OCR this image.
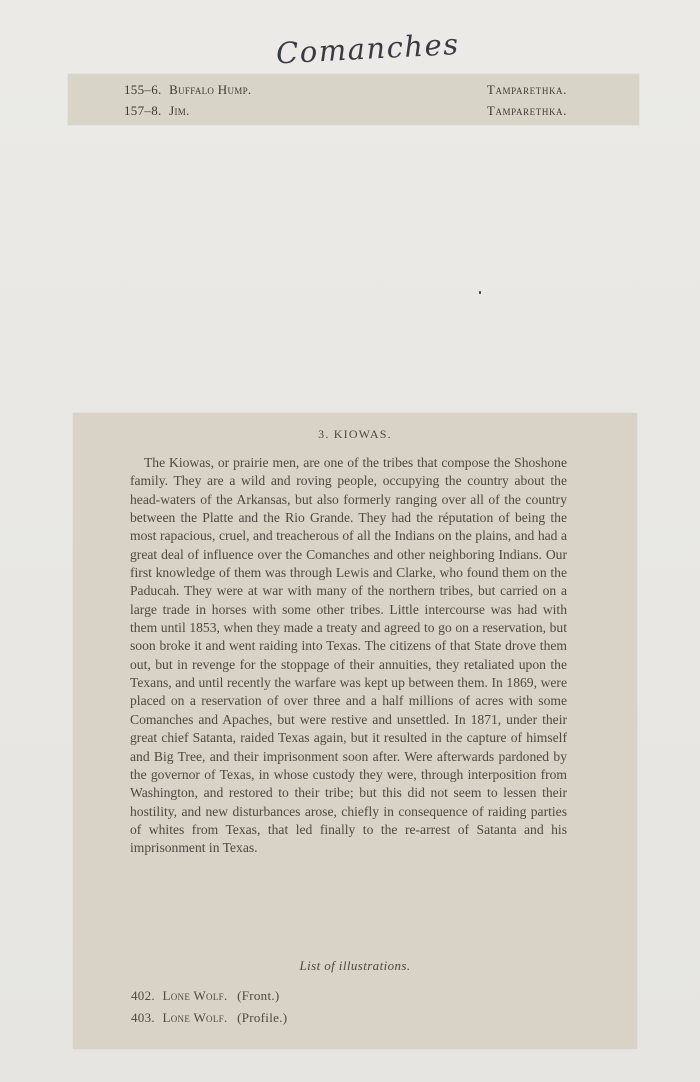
Comanches
155–6. Buffalo Hump.	Tamparethka.
157–8. Jim.	Tamparethka.
3. KIOWAS.

The Kiowas, or prairie men, are one of the tribes that compose the Shoshone family. They are a wild and roving people, occupying the country about the head-waters of the Arkansas, but also formerly ranging over all of the country between the Platte and the Rio Grande. They had the réputation of being the most rapacious, cruel, and treacherous of all the Indians on the plains, and had a great deal of influence over the Comanches and other neighboring Indians. Our first knowledge of them was through Lewis and Clarke, who found them on the Paducah. They were at war with many of the northern tribes, but carried on a large trade in horses with some other tribes. Little intercourse was had with them until 1853, when they made a treaty and agreed to go on a reservation, but soon broke it and went raiding into Texas. The citizens of that State drove them out, but in revenge for the stoppage of their annuities, they retaliated upon the Texans, and until recently the warfare was kept up between them. In 1869, were placed on a reservation of over three and a half millions of acres with some Comanches and Apaches, but were restive and unsettled. In 1871, under their great chief Satanta, raided Texas again, but it resulted in the capture of himself and Big Tree, and their imprisonment soon after. Were afterwards pardoned by the governor of Texas, in whose custody they were, through interposition from Washington, and restored to their tribe; but this did not seem to lessen their hostility, and new disturbances arose, chiefly in consequence of raiding parties of whites from Texas, that led finally to the re-arrest of Satanta and his imprisonment in Texas.

List of illustrations.
402. Lone Wolf. (Front.)
403. Lone Wolf. (Profile.)
